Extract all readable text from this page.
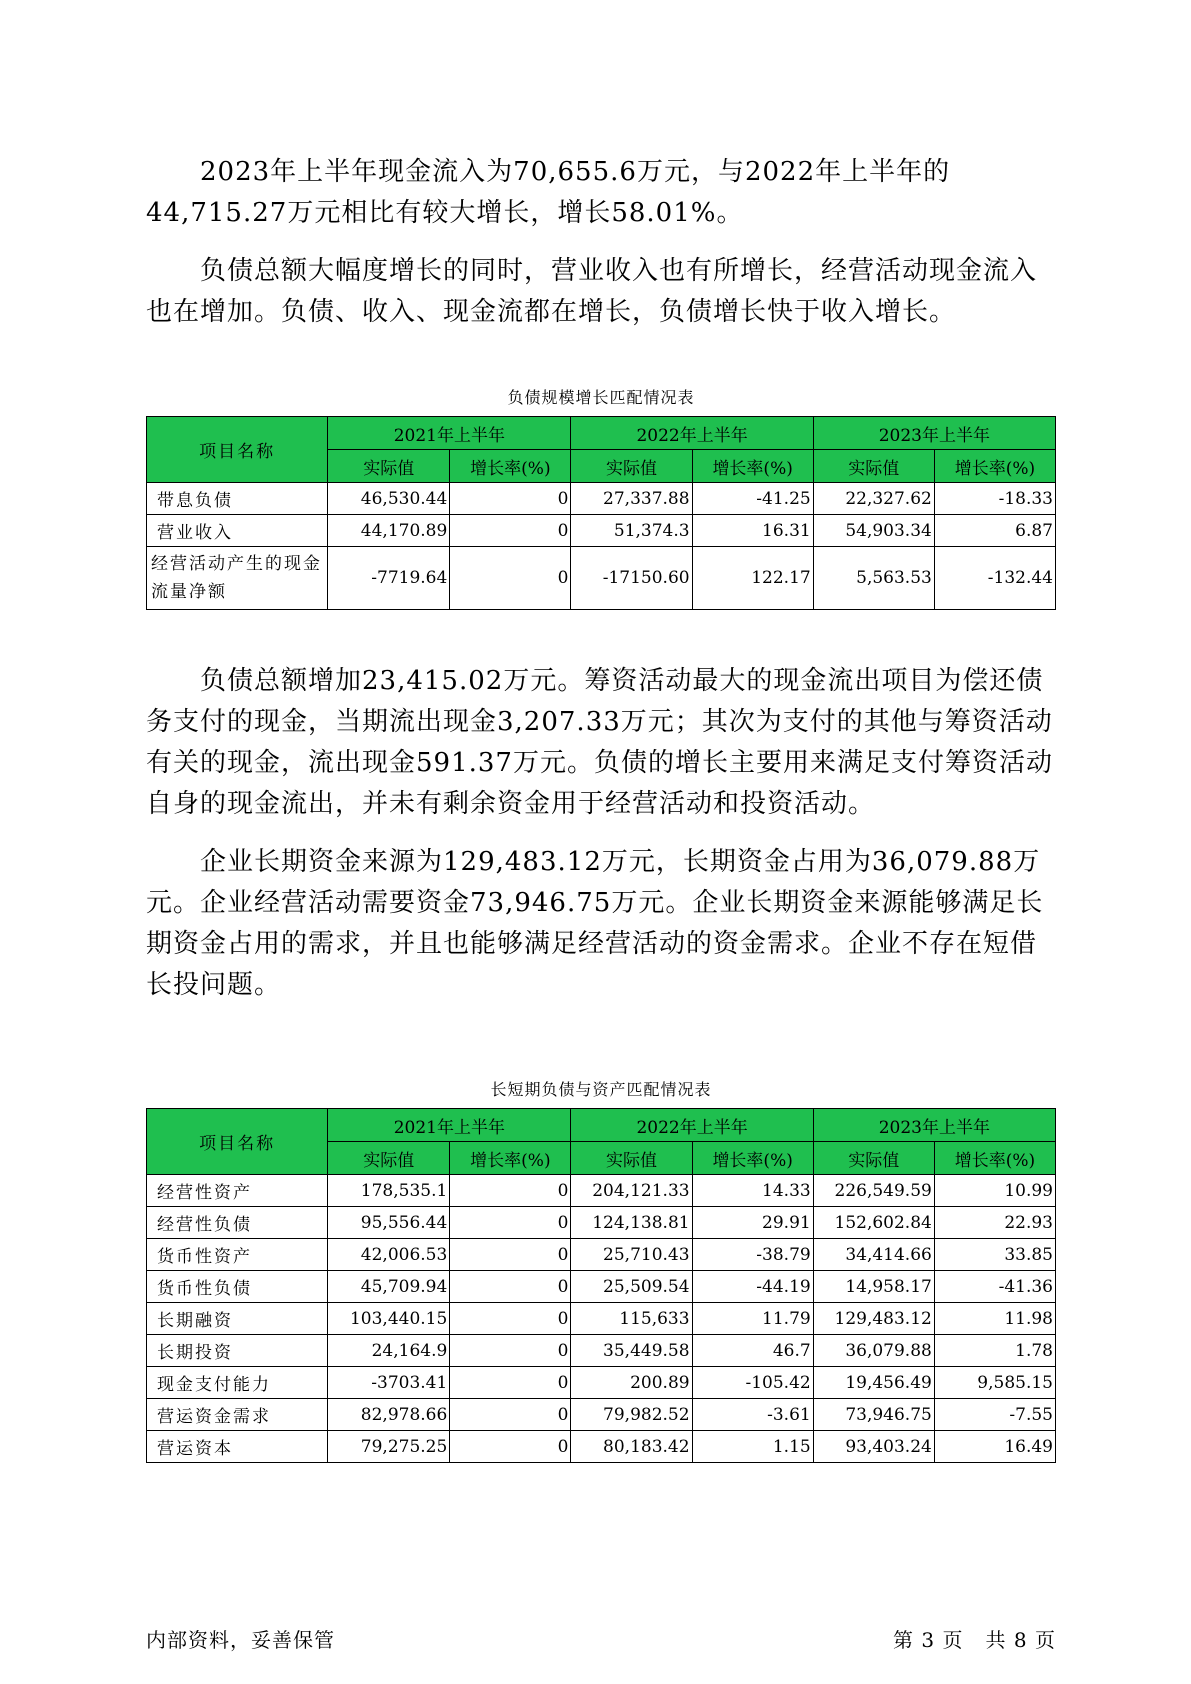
2023年上半年现金流入为70,655.6万元，与2022年上半年的44,715.27万元相比有较大增长，增长58.01%。

负债总额大幅度增长的同时，营业收入也有所增长，经营活动现金流入也在增加。负债、收入、现金流都在增长，负债增长快于收入增长。

负债规模增长匹配情况表
项目名称	2021年上半年		2022年上半年		2023年上半年	
	实际值	增长率(%)	实际值	增长率(%)	实际值	增长率(%)
带息负债	46,530.44	0	27,337.88	-41.25	22,327.62	-18.33
营业收入	44,170.89	0	51,374.3	16.31	54,903.34	6.87
经营活动产生的现金流量净额	-7719.64	0	-17150.60	122.17	5,563.53	-132.44

负债总额增加23,415.02万元。筹资活动最大的现金流出项目为偿还债务支付的现金，当期流出现金3,207.33万元；其次为支付的其他与筹资活动有关的现金，流出现金591.37万元。负债的增长主要用来满足支付筹资活动自身的现金流出，并未有剩余资金用于经营活动和投资活动。

企业长期资金来源为129,483.12万元，长期资金占用为36,079.88万元。企业经营活动需要资金73,946.75万元。企业长期资金来源能够满足长期资金占用的需求，并且也能够满足经营活动的资金需求。企业不存在短借长投问题。

长短期负债与资产匹配情况表
项目名称	2021年上半年		2022年上半年		2023年上半年	
	实际值	增长率(%)	实际值	增长率(%)	实际值	增长率(%)
经营性资产	178,535.1	0	204,121.33	14.33	226,549.59	10.99
经营性负债	95,556.44	0	124,138.81	29.91	152,602.84	22.93
货币性资产	42,006.53	0	25,710.43	-38.79	34,414.66	33.85
货币性负债	45,709.94	0	25,509.54	-44.19	14,958.17	-41.36
长期融资	103,440.15	0	115,633	11.79	129,483.12	11.98
长期投资	24,164.9	0	35,449.58	46.7	36,079.88	1.78
现金支付能力	-3703.41	0	200.89	-105.42	19,456.49	9,585.15
营运资金需求	82,978.66	0	79,982.52	-3.61	73,946.75	-7.55
营运资本	79,275.25	0	80,183.42	1.15	93,403.24	16.49
内部资料，妥善保管	第 3 页   共 8 页
